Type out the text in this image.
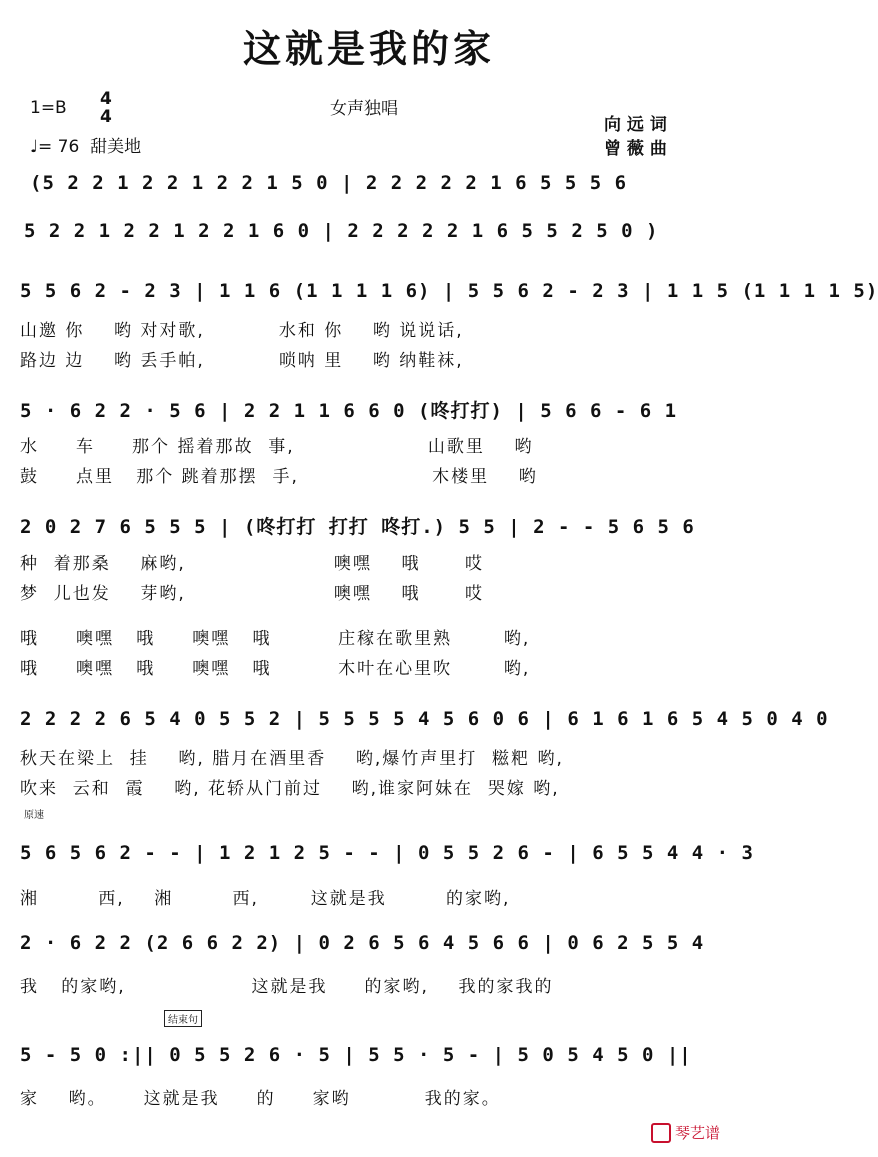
这就是我的家
1=B 4
4	女声独唱
向 远 词
♩= 76  甜美地	曾 薇 曲
(5 2 2 1 2 2 1 2 2 1 5 0 | 2 2 2 2 2 1 6 5 5 5 6
5 2 2 1 2 2 1 2 2 1 6 0 | 2 2 2 2 2 1 6 5 5 2 5 0 )
5 5 6 2 - 2 3 | 1 1 6 (1 1 1 1 6) | 5 5 6 2 - 2 3 | 1 1 5 (1 1 1 1 5)
山邀 你    哟 对对歌,          水和 你    哟 说说话,
路边 边    哟 丢手帕,          唢呐 里    哟 纳鞋袜,
5 · 6 2 2 · 5 6 | 2 2 1 1 6 6 0 (咚打打) | 5 6 6 - 6 1
水     车     那个 摇着那故  事,                  山歌里    哟
鼓     点里   那个 跳着那摆  手,                  木楼里    哟
2 0 2 7 6 5 5 5 | (咚打打 打打 咚打.) 5 5 | 2 - - 5 6 5 6
种  着那桑    麻哟,                    噢嘿    哦      哎
梦  儿也发    芽哟,                    噢嘿    哦      哎
哦     噢嘿   哦     噢嘿   哦         庄稼在歌里熟       哟,
哦     噢嘿   哦     噢嘿   哦         木叶在心里吹       哟,
2 2 2 2 6 5 4 0 5 5 2 | 5 5 5 5 4 5 6 0 6 | 6 1 6 1 6 5 4 5 0 4 0
秋天在梁上  挂    哟, 腊月在酒里香    哟,爆竹声里打  糍粑 哟,
吹来  云和  霞    哟, 花轿从门前过    哟,谁家阿妹在  哭嫁 哟,
原速
5 6 5 6 2 - - | 1 2 1 2 5 - - | 0 5 5 2 6 - | 6 5 5 4 4 · 3
湘        西,    湘        西,       这就是我        的家哟,
2 · 6 2 2 (2 6 6 2 2) | 0 2 6 5 6 4 5 6 6 | 0 6 2 5 5 4
我   的家哟,                 这就是我     的家哟,    我的家我的
结束句
5 - 5 0 :|| 0 5 5 2 6 · 5 | 5 5 · 5 - | 5 0 5 4 5 0 ||
家    哟。     这就是我     的     家哟          我的家。
琴艺谱
